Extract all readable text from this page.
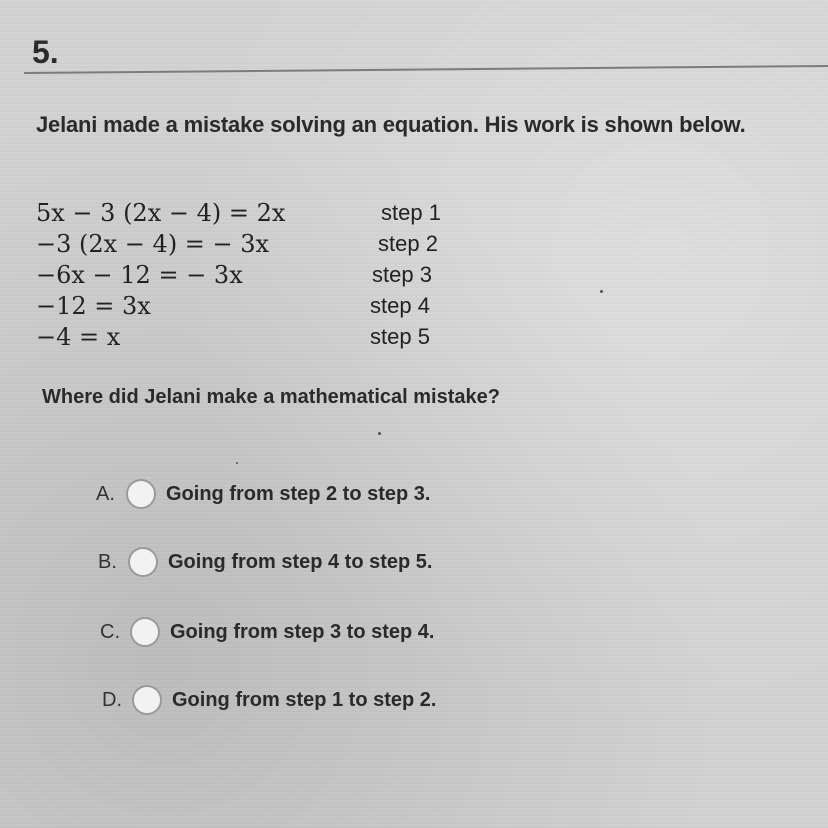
5.
Jelani made a mistake solving an equation. His work is shown below.
5x − 3 (2x − 4) = 2x	step 1
−3 (2x − 4) = − 3x	step 2
−6x − 12 = − 3x	step 3
−12 = 3x	step 4
−4 = x	step 5
Where did Jelani make a mathematical mistake?
A.	Going from step 2 to step 3.
B.	Going from step 4 to step 5.
C.	Going from step 3 to step 4.
D.	Going from step 1 to step 2.
